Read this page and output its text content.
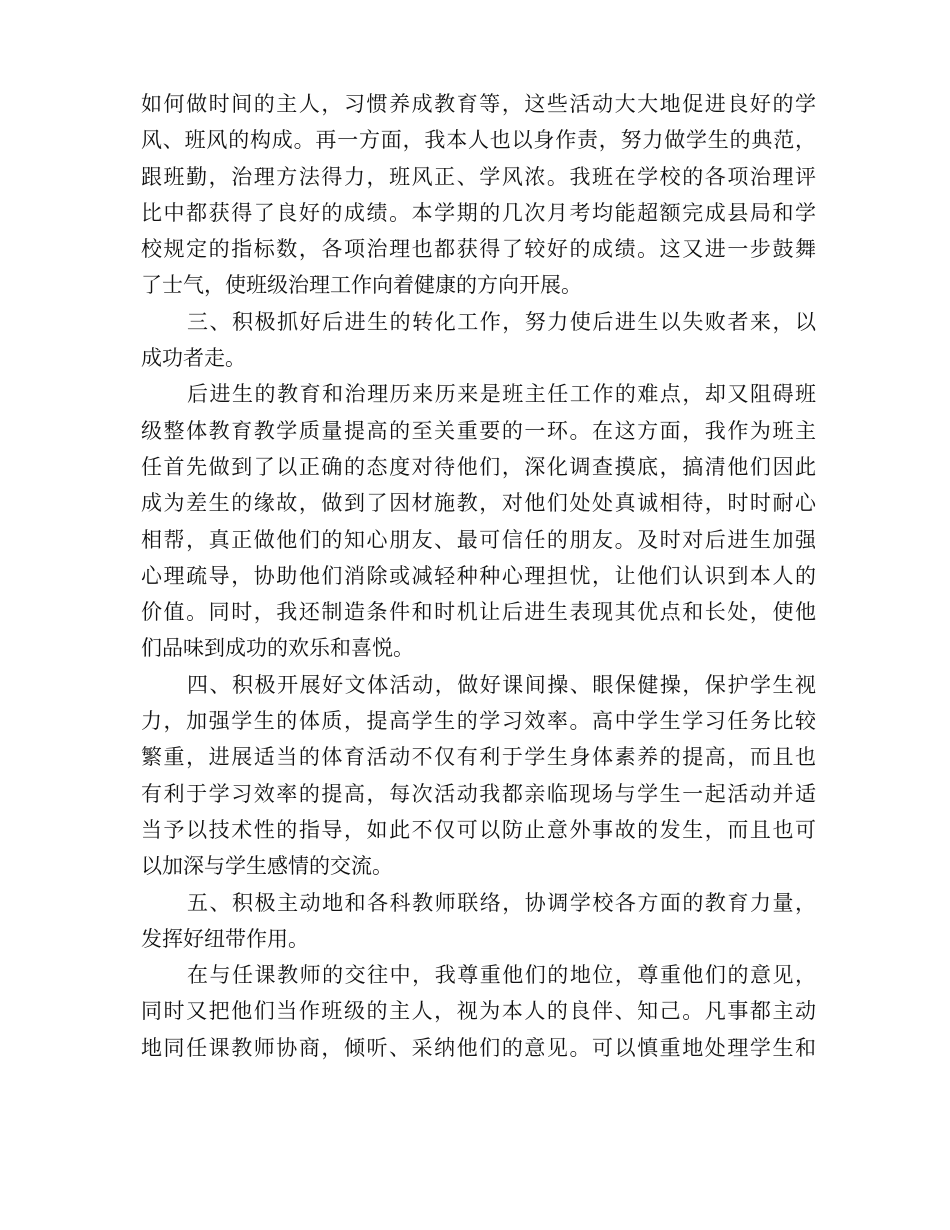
如何做时间的主人，习惯养成教育等，这些活动大大地促进良好的学
风、班风的构成。再一方面，我本人也以身作责，努力做学生的典范，
跟班勤，治理方法得力，班风正、学风浓。我班在学校的各项治理评
比中都获得了良好的成绩。本学期的几次月考均能超额完成县局和学
校规定的指标数，各项治理也都获得了较好的成绩。这又进一步鼓舞
了士气，使班级治理工作向着健康的方向开展。
三、积极抓好后进生的转化工作，努力使后进生以失败者来，以
成功者走。
后进生的教育和治理历来历来是班主任工作的难点，却又阻碍班
级整体教育教学质量提高的至关重要的一环。在这方面，我作为班主
任首先做到了以正确的态度对待他们，深化调查摸底，搞清他们因此
成为差生的缘故，做到了因材施教，对他们处处真诚相待，时时耐心
相帮，真正做他们的知心朋友、最可信任的朋友。及时对后进生加强
心理疏导，协助他们消除或减轻种种心理担忧，让他们认识到本人的
价值。同时，我还制造条件和时机让后进生表现其优点和长处，使他
们品味到成功的欢乐和喜悦。
四、积极开展好文体活动，做好课间操、眼保健操，保护学生视
力，加强学生的体质，提高学生的学习效率。高中学生学习任务比较
繁重，进展适当的体育活动不仅有利于学生身体素养的提高，而且也
有利于学习效率的提高，每次活动我都亲临现场与学生一起活动并适
当予以技术性的指导，如此不仅可以防止意外事故的发生，而且也可
以加深与学生感情的交流。
五、积极主动地和各科教师联络，协调学校各方面的教育力量，
发挥好纽带作用。
在与任课教师的交往中，我尊重他们的地位，尊重他们的意见，
同时又把他们当作班级的主人，视为本人的良伴、知己。凡事都主动
地同任课教师协商，倾听、采纳他们的意见。可以慎重地处理学生和
